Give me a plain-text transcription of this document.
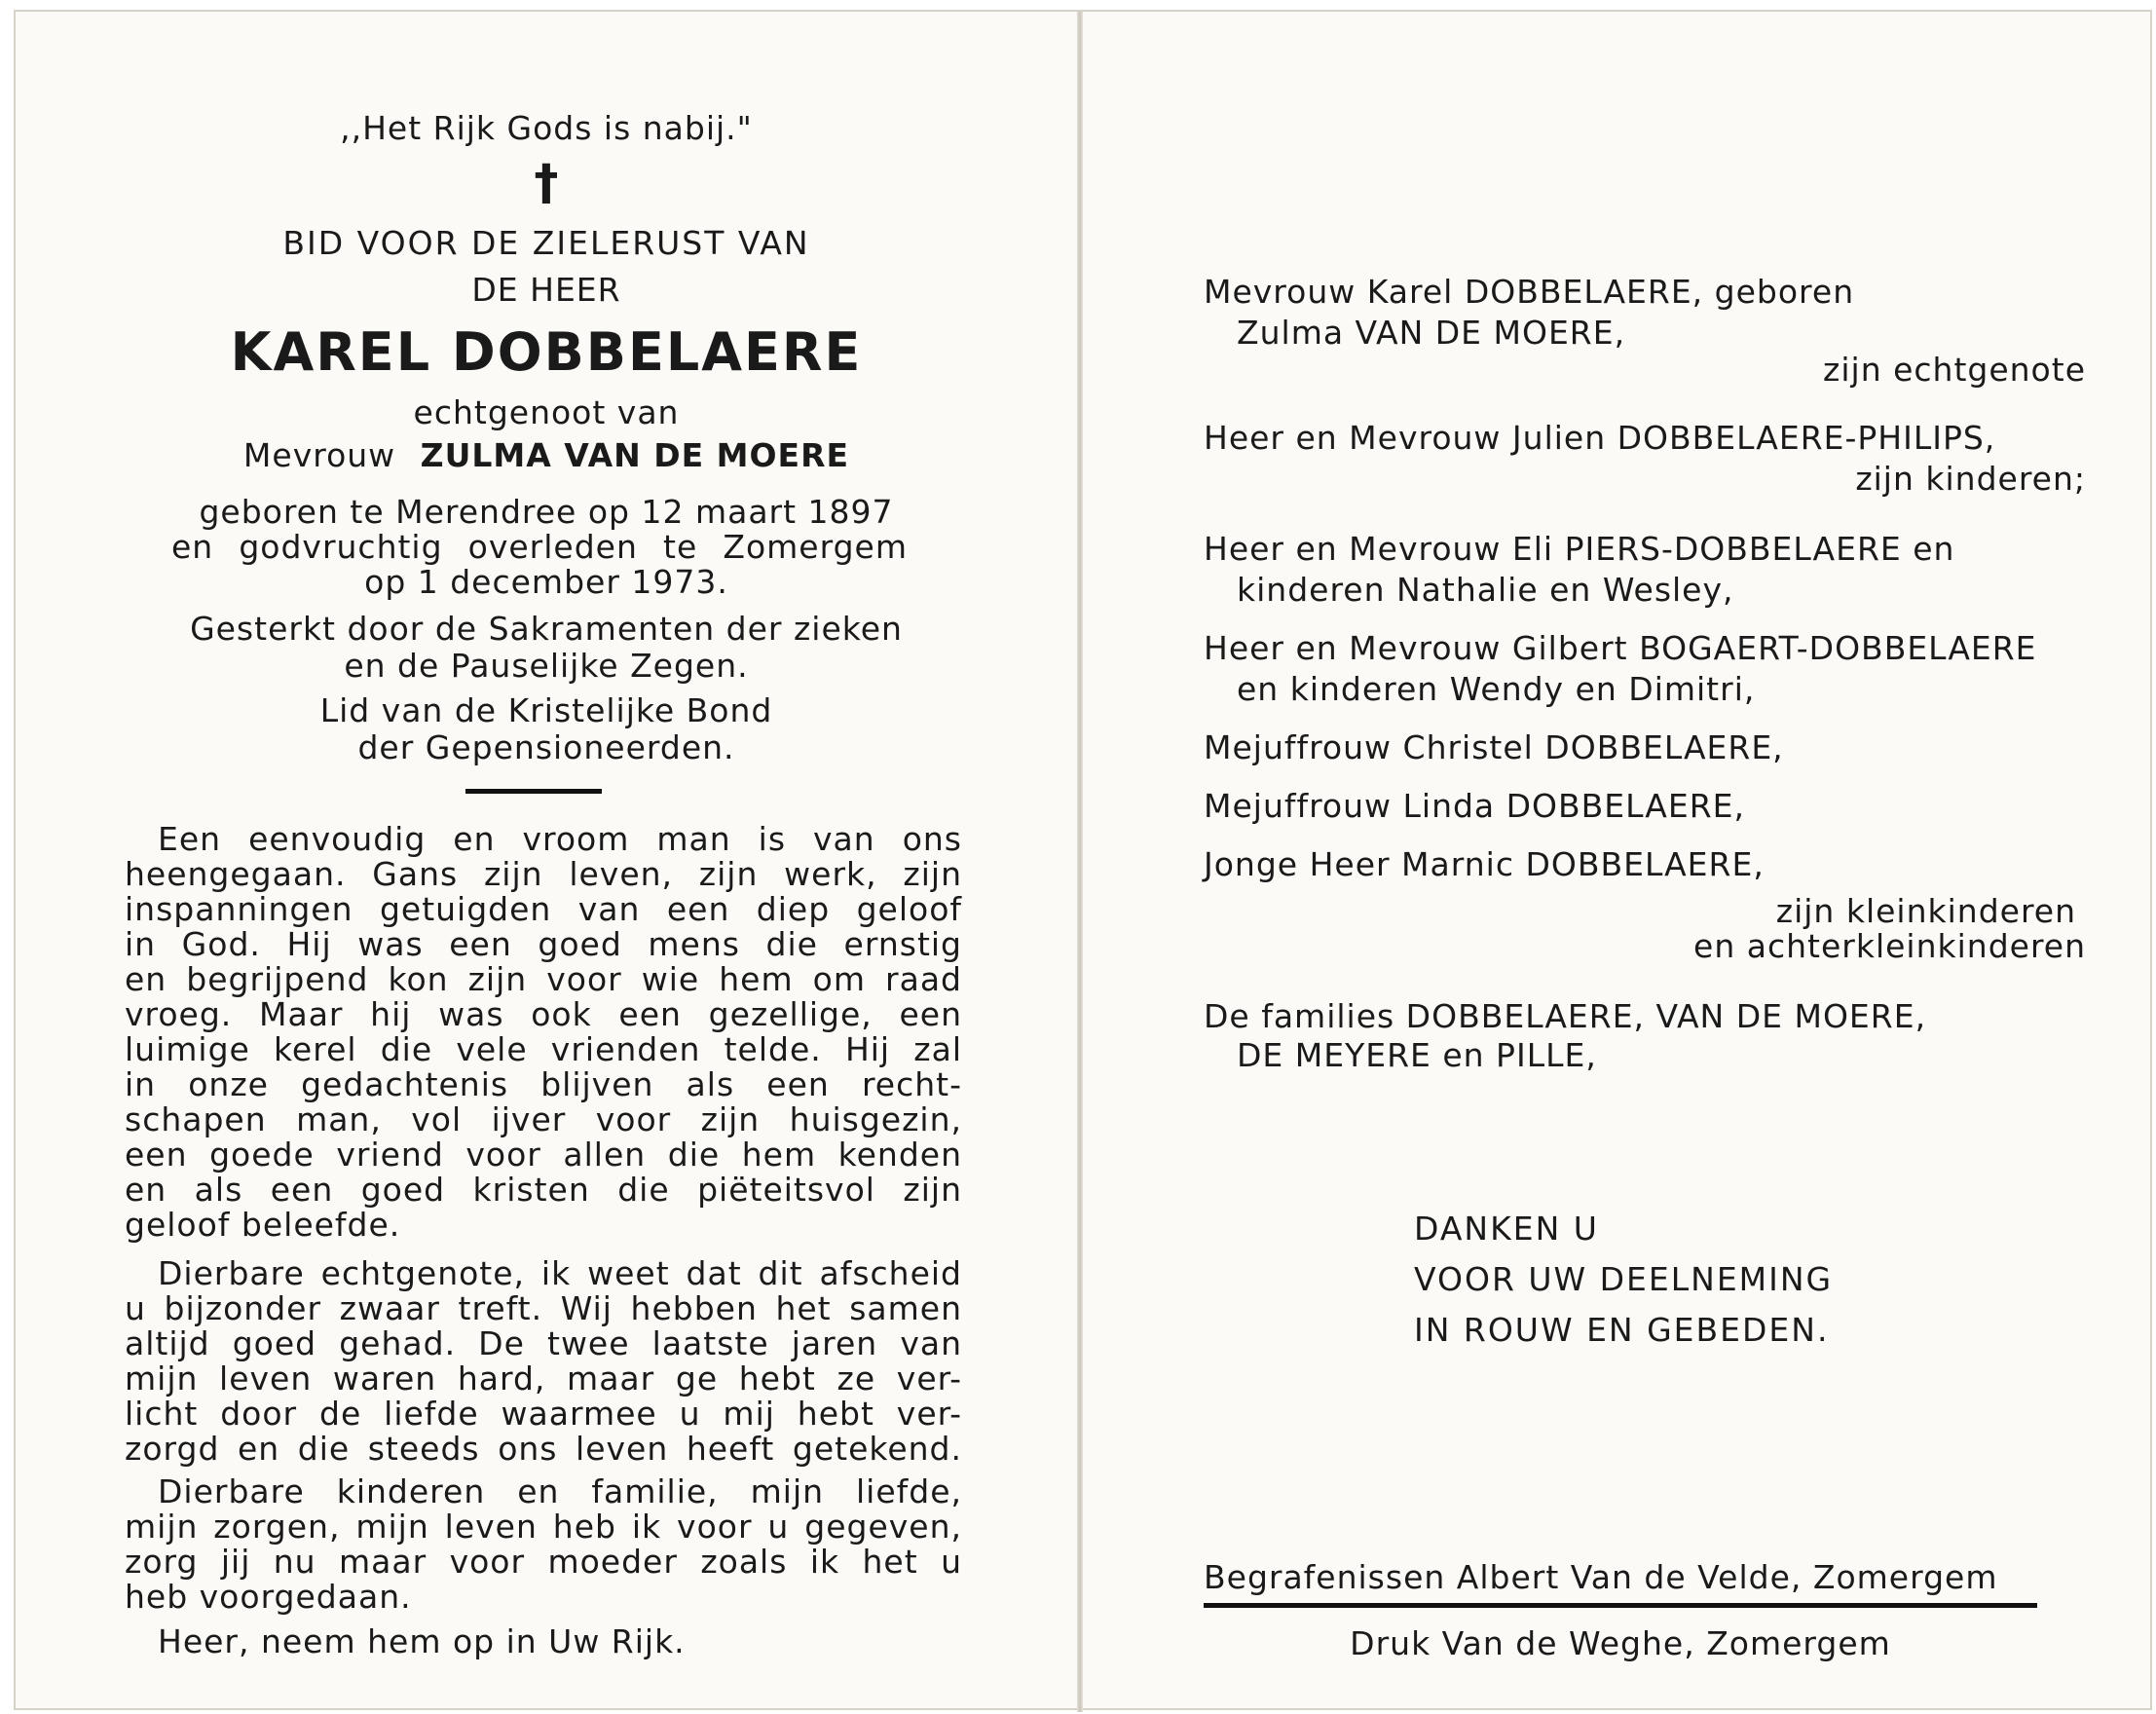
,,Het Rijk Gods is nabij."
†
BID VOOR DE ZIELERUST VAN
DE HEER
KAREL DOBBELAERE
echtgenoot van
Mevrouw ZULMA VAN DE MOERE
geboren te Merendree op 12 maart 1897
en godvruchtig overleden te Zomergem
op 1 december 1973.
Gesterkt door de Sakramenten der zieken
en de Pauselijke Zegen.
Lid van de Kristelijke Bond
der Gepensioneerden.
Een eenvoudig en vroom man is van ons
heengegaan. Gans zijn leven, zijn werk, zijn
inspanningen getuigden van een diep geloof
in God. Hij was een goed mens die ernstig
en begrijpend kon zijn voor wie hem om raad
vroeg. Maar hij was ook een gezellige, een
luimige kerel die vele vrienden telde. Hij zal
in onze gedachtenis blijven als een recht-
schapen man, vol ijver voor zijn huisgezin,
een goede vriend voor allen die hem kenden
en als een goed kristen die piëteitsvol zijn
geloof beleefde.
Dierbare echtgenote, ik weet dat dit afscheid
u bijzonder zwaar treft. Wij hebben het samen
altijd goed gehad. De twee laatste jaren van
mijn leven waren hard, maar ge hebt ze ver-
licht door de liefde waarmee u mij hebt ver-
zorgd en die steeds ons leven heeft getekend.
Dierbare kinderen en familie, mijn liefde,
mijn zorgen, mijn leven heb ik voor u gegeven,
zorg jij nu maar voor moeder zoals ik het u
heb voorgedaan.
Heer, neem hem op in Uw Rijk.
Mevrouw Karel DOBBELAERE, geboren
Zulma VAN DE MOERE,
zijn echtgenote
Heer en Mevrouw Julien DOBBELAERE-PHILIPS,
zijn kinderen;
Heer en Mevrouw Eli PIERS-DOBBELAERE en
kinderen Nathalie en Wesley,
Heer en Mevrouw Gilbert BOGAERT-DOBBELAERE
en kinderen Wendy en Dimitri,
Mejuffrouw Christel DOBBELAERE,
Mejuffrouw Linda DOBBELAERE,
Jonge Heer Marnic DOBBELAERE,
zijn kleinkinderen
en achterkleinkinderen
De families DOBBELAERE, VAN DE MOERE,
DE MEYERE en PILLE,
DANKEN U
VOOR UW DEELNEMING
IN ROUW EN GEBEDEN.
Begrafenissen Albert Van de Velde, Zomergem
Druk Van de Weghe, Zomergem
